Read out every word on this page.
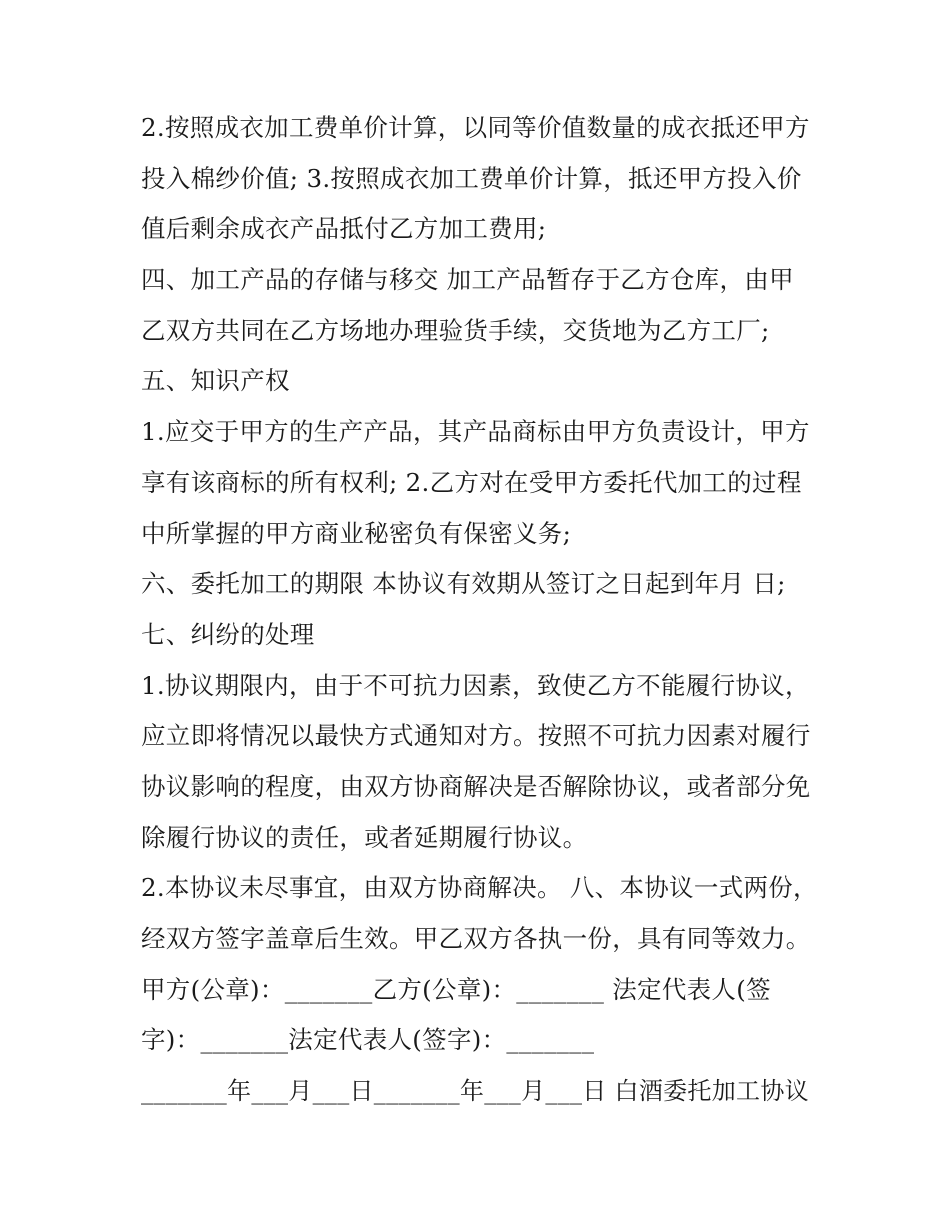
2.按照成衣加工费单价计算，以同等价值数量的成衣抵还甲方
投入棉纱价值; 3.按照成衣加工费单价计算，抵还甲方投入价
值后剩余成衣产品抵付乙方加工费用;
四、加工产品的存储与移交 加工产品暂存于乙方仓库，由甲
乙双方共同在乙方场地办理验货手续，交货地为乙方工厂;
五、知识产权
1.应交于甲方的生产产品，其产品商标由甲方负责设计，甲方
享有该商标的所有权利; 2.乙方对在受甲方委托代加工的过程
中所掌握的甲方商业秘密负有保密义务;
六、委托加工的期限 本协议有效期从签订之日起到年月 日;
七、纠纷的处理
1.协议期限内，由于不可抗力因素，致使乙方不能履行协议，
应立即将情况以最快方式通知对方。按照不可抗力因素对履行
协议影响的程度，由双方协商解决是否解除协议，或者部分免
除履行协议的责任，或者延期履行协议。
2.本协议未尽事宜，由双方协商解决。 八、本协议一式两份，
经双方签字盖章后生效。甲乙双方各执一份，具有同等效力。
甲方(公章)：_______乙方(公章)：_______ 法定代表人(签
字)：_______法定代表人(签字)：_______
_______年___月___日_______年___月___日 白酒委托加工协议
